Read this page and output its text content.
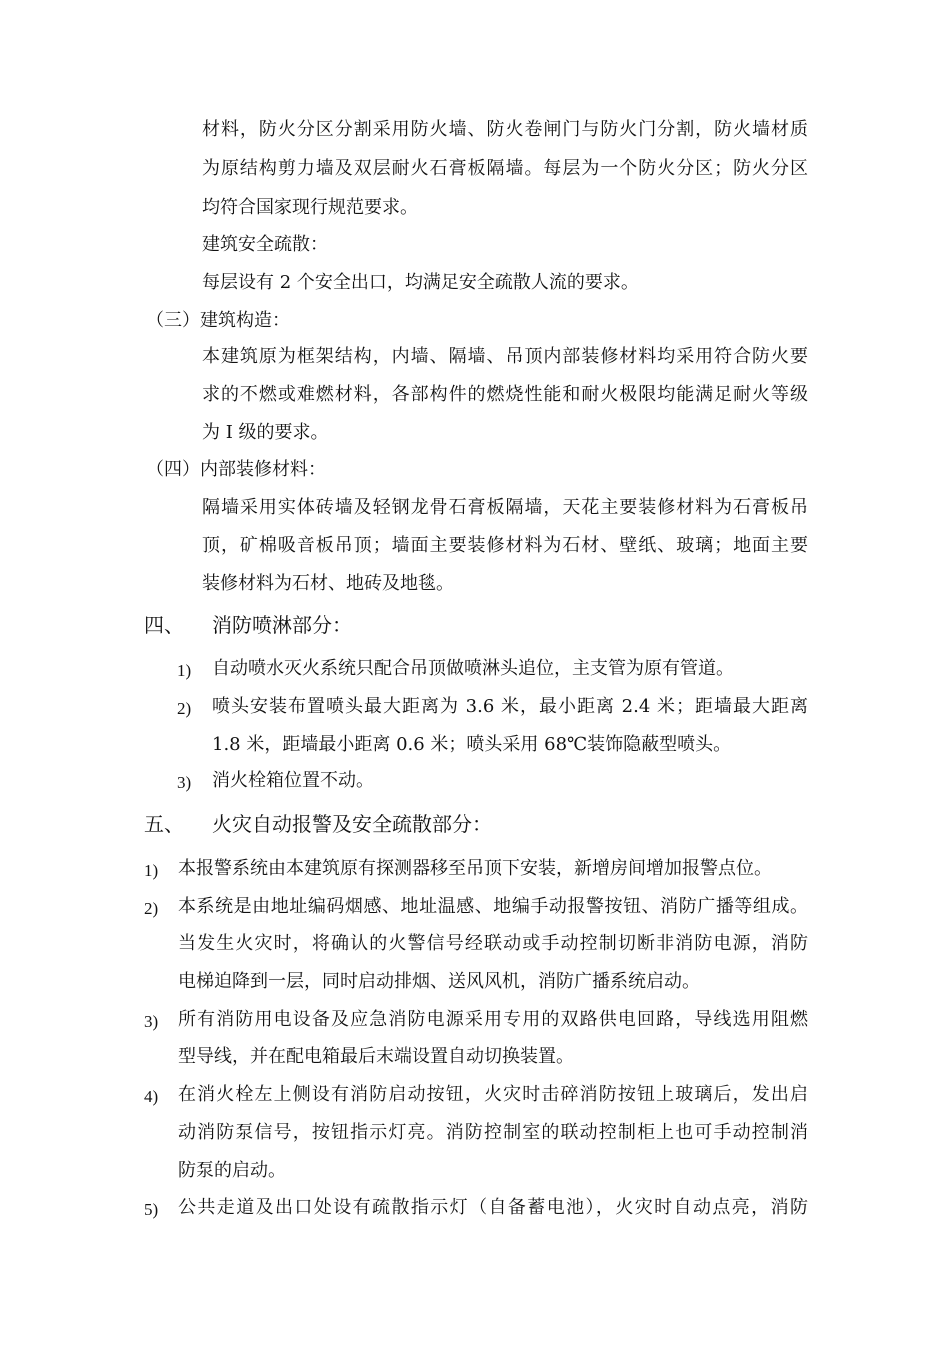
材料，防火分区分割采用防火墙、防火卷闸门与防火门分割，防火墙材质
为原结构剪力墙及双层耐火石膏板隔墙。每层为一个防火分区；防火分区
均符合国家现行规范要求。
建筑安全疏散：
每层设有 2 个安全出口，均满足安全疏散人流的要求。
（三）建筑构造：
本建筑原为框架结构，内墙、隔墙、吊顶内部装修材料均采用符合防火要
求的不燃或难燃材料，各部构件的燃烧性能和耐火极限均能满足耐火等级
为 I 级的要求。
（四）内部装修材料：
隔墙采用实体砖墙及轻钢龙骨石膏板隔墙，天花主要装修材料为石膏板吊
顶，矿棉吸音板吊顶；墙面主要装修材料为石材、壁纸、玻璃；地面主要
装修材料为石材、地砖及地毯。
四、 消防喷淋部分：
1) 自动喷水灭火系统只配合吊顶做喷淋头追位，主支管为原有管道。
2) 喷头安装布置喷头最大距离为 3.6 米，最小距离 2.4 米；距墙最大距离
1.8 米，距墙最小距离 0.6 米；喷头采用 68℃装饰隐蔽型喷头。
3) 消火栓箱位置不动。
五、 火灾自动报警及安全疏散部分：
1) 本报警系统由本建筑原有探测器移至吊顶下安装，新增房间增加报警点位。
2) 本系统是由地址编码烟感、地址温感、地编手动报警按钮、消防广播等组成。
当发生火灾时，将确认的火警信号经联动或手动控制切断非消防电源，消防
电梯迫降到一层，同时启动排烟、送风风机，消防广播系统启动。
3) 所有消防用电设备及应急消防电源采用专用的双路供电回路，导线选用阻燃
型导线，并在配电箱最后末端设置自动切换装置。
4) 在消火栓左上侧设有消防启动按钮，火灾时击碎消防按钮上玻璃后，发出启
动消防泵信号，按钮指示灯亮。消防控制室的联动控制柜上也可手动控制消
防泵的启动。
5) 公共走道及出口处设有疏散指示灯（自备蓄电池），火灾时自动点亮，消防
